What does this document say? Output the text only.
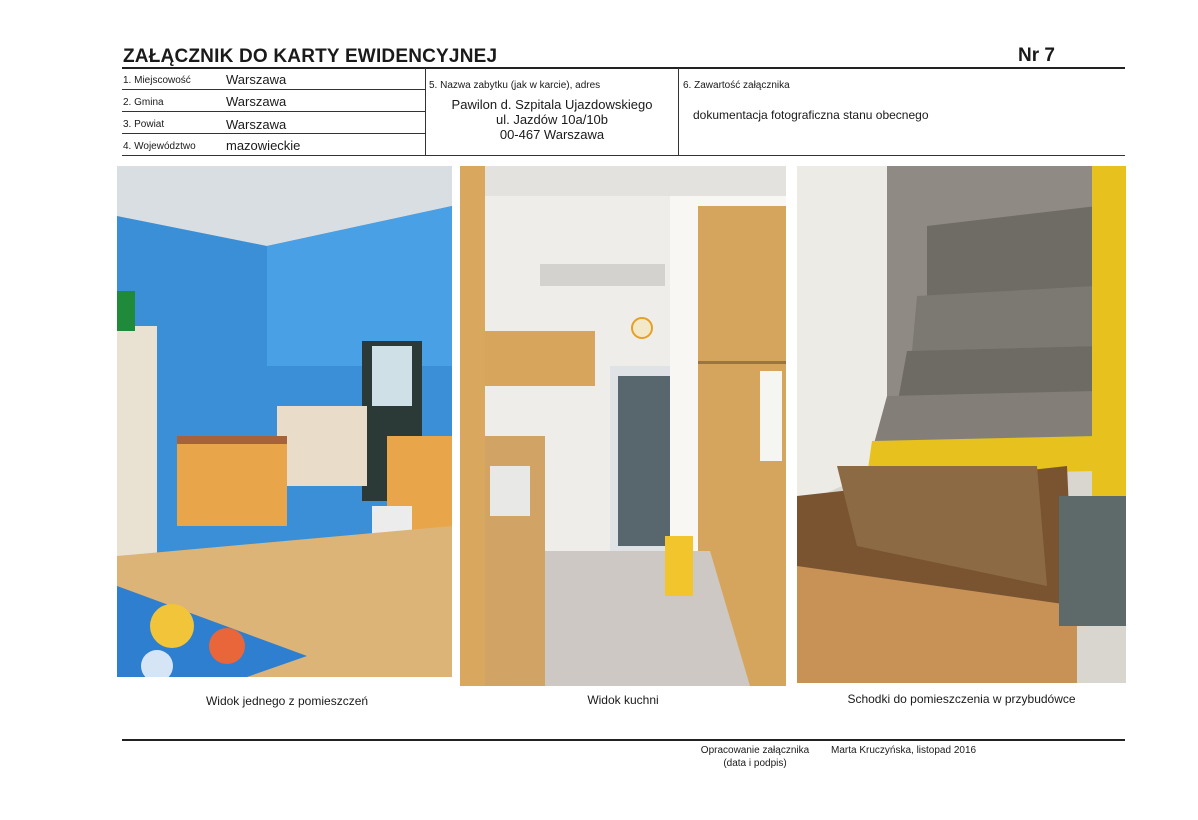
ZAŁĄCZNIK DO KARTY EWIDENCYJNEJ	Nr 7
1. Miejscowość	Warszawa
2. Gmina	Warszawa
3. Powiat	Warszawa
4. Województwo mazowieckie
5. Nazwa zabytku (jak w karcie), adres
Pawilon d. Szpitala Ujazdowskiego
ul. Jazdów 10a/10b
00-467 Warszawa
6. Zawartość załącznika
dokumentacja fotograficzna stanu obecnego
Widok jednego z pomieszczeń	Widok kuchni	Schodki do pomieszczenia w przybudówce
Opracowanie załącznika
(data i podpis)
Marta Kruczyńska, listopad 2016
